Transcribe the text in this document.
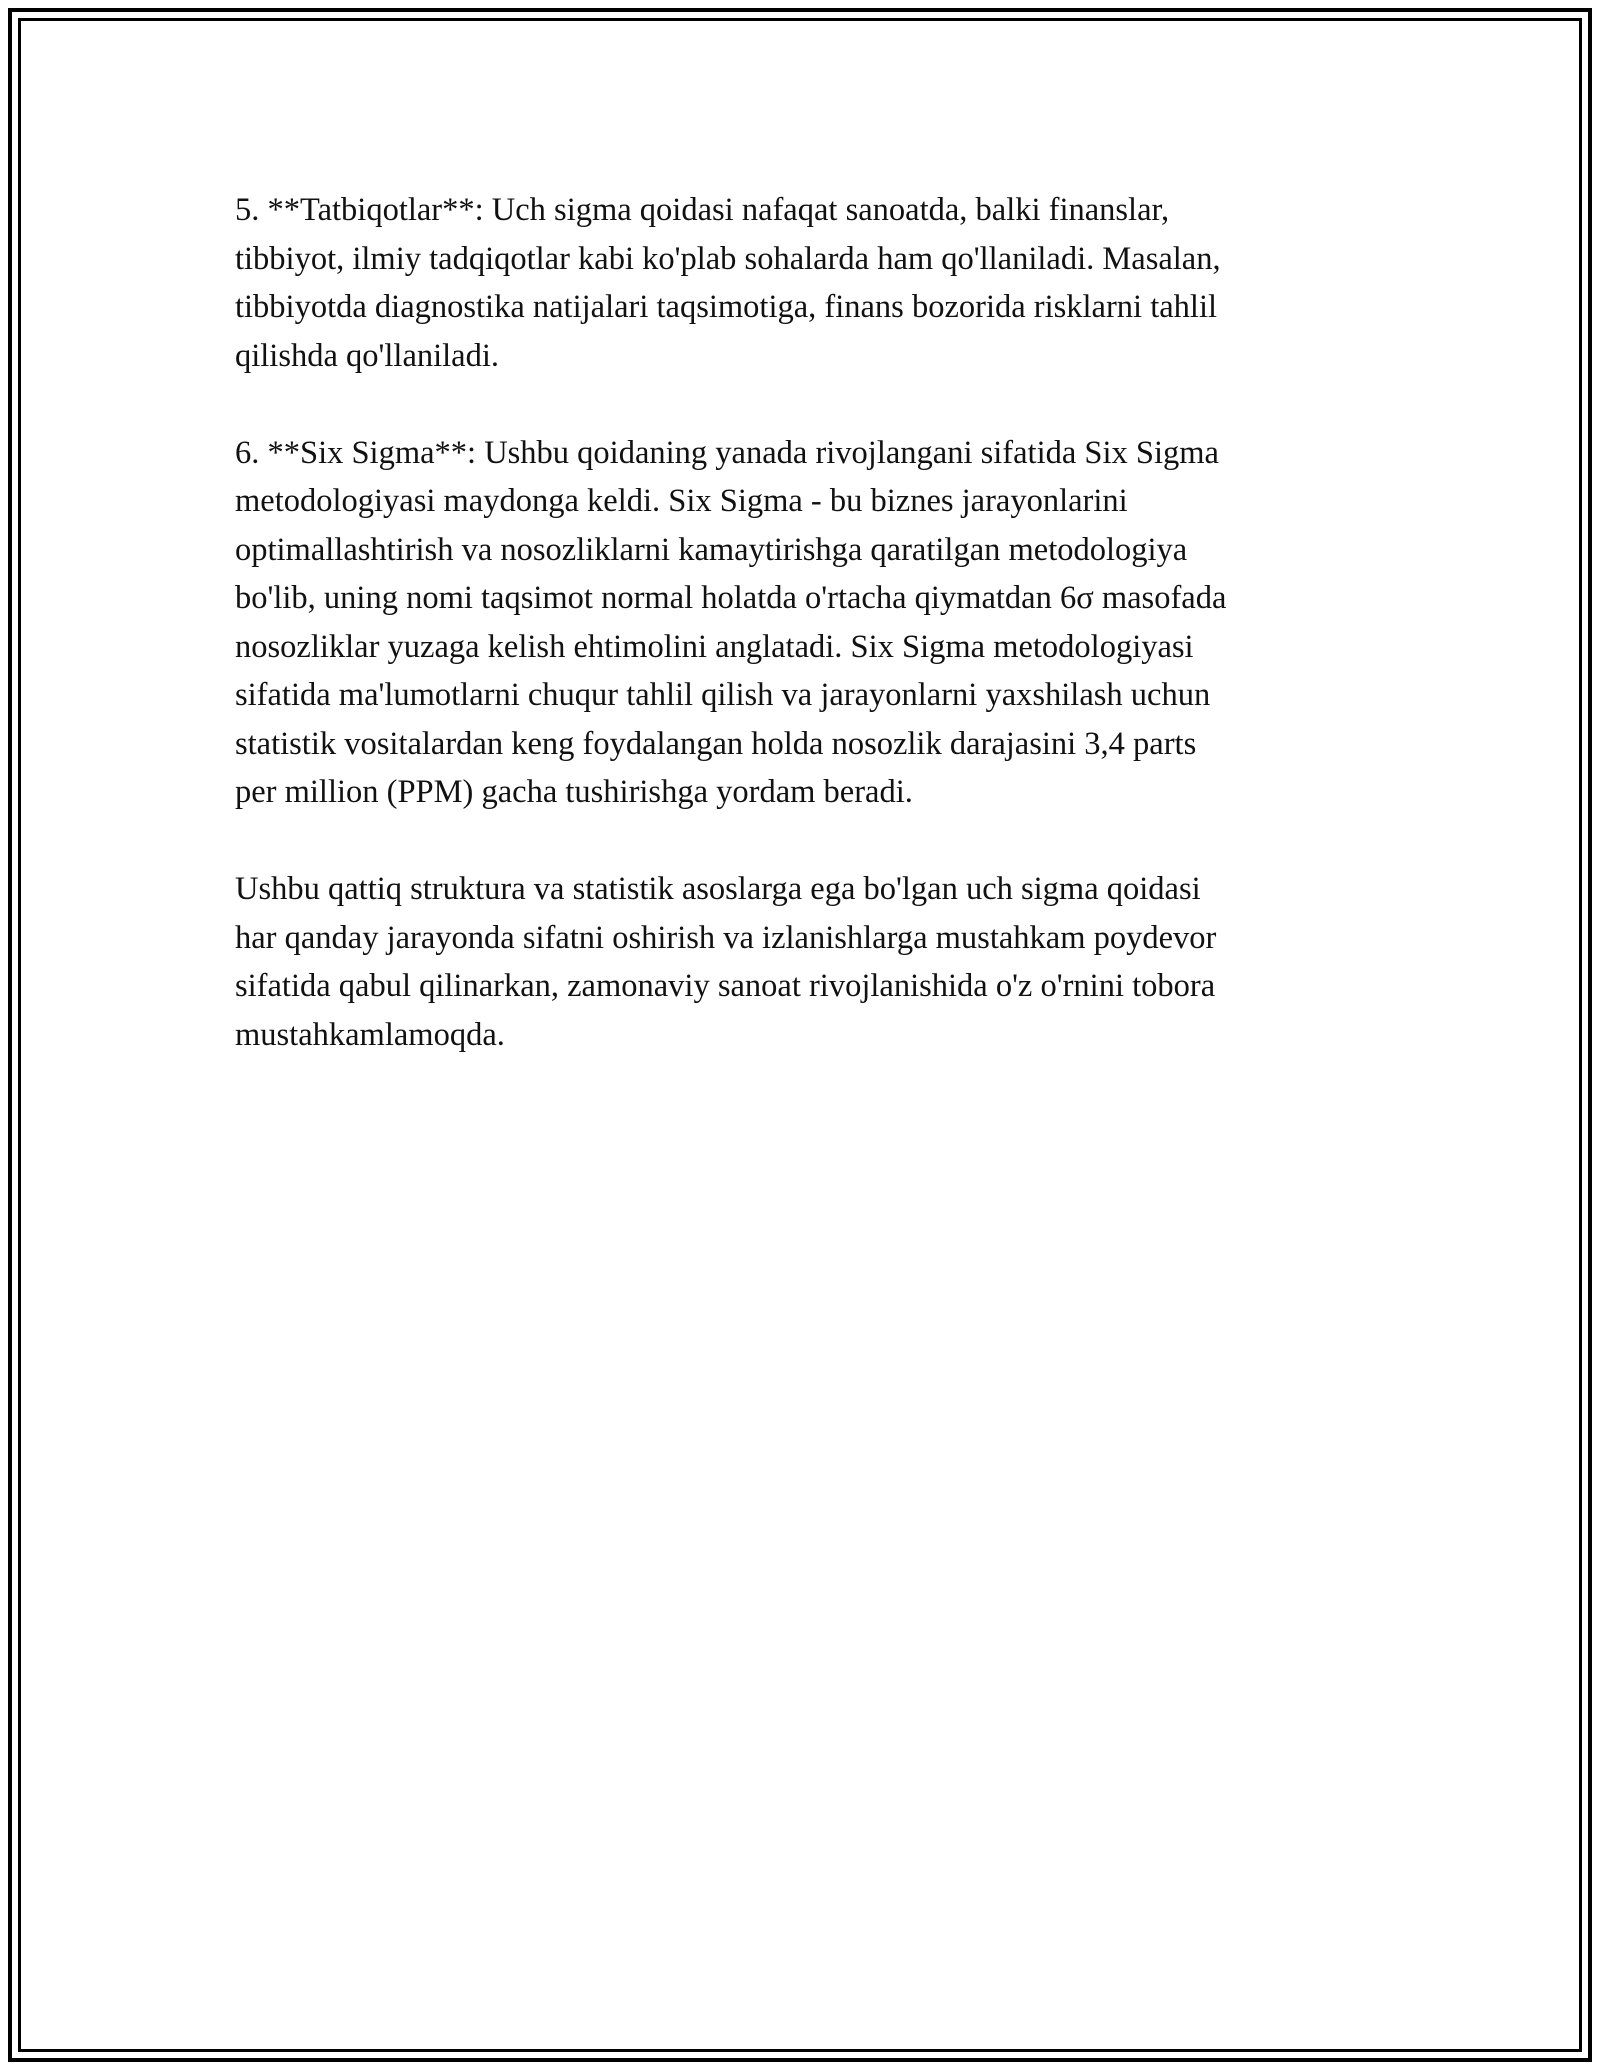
5. **Tatbiqotlar**: Uch sigma qoidasi nafaqat sanoatda, balki finanslar,
tibbiyot, ilmiy tadqiqotlar kabi ko'plab sohalarda ham qo'llaniladi. Masalan,
tibbiyotda diagnostika natijalari taqsimotiga, finans bozorida risklarni tahlil
qilishda qo'llaniladi.

6. **Six Sigma**: Ushbu qoidaning yanada rivojlangani sifatida Six Sigma
metodologiyasi maydonga keldi. Six Sigma - bu biznes jarayonlarini
optimallashtirish va nosozliklarni kamaytirishga qaratilgan metodologiya
bo'lib, uning nomi taqsimot normal holatda o'rtacha qiymatdan 6σ masofada
nosozliklar yuzaga kelish ehtimolini anglatadi. Six Sigma metodologiyasi
sifatida ma'lumotlarni chuqur tahlil qilish va jarayonlarni yaxshilash uchun
statistik vositalardan keng foydalangan holda nosozlik darajasini 3,4 parts
per million (PPM) gacha tushirishga yordam beradi.

Ushbu qattiq struktura va statistik asoslarga ega bo'lgan uch sigma qoidasi
har qanday jarayonda sifatni oshirish va izlanishlarga mustahkam poydevor
sifatida qabul qilinarkan, zamonaviy sanoat rivojlanishida o'z o'rnini tobora
mustahkamlamoqda.
